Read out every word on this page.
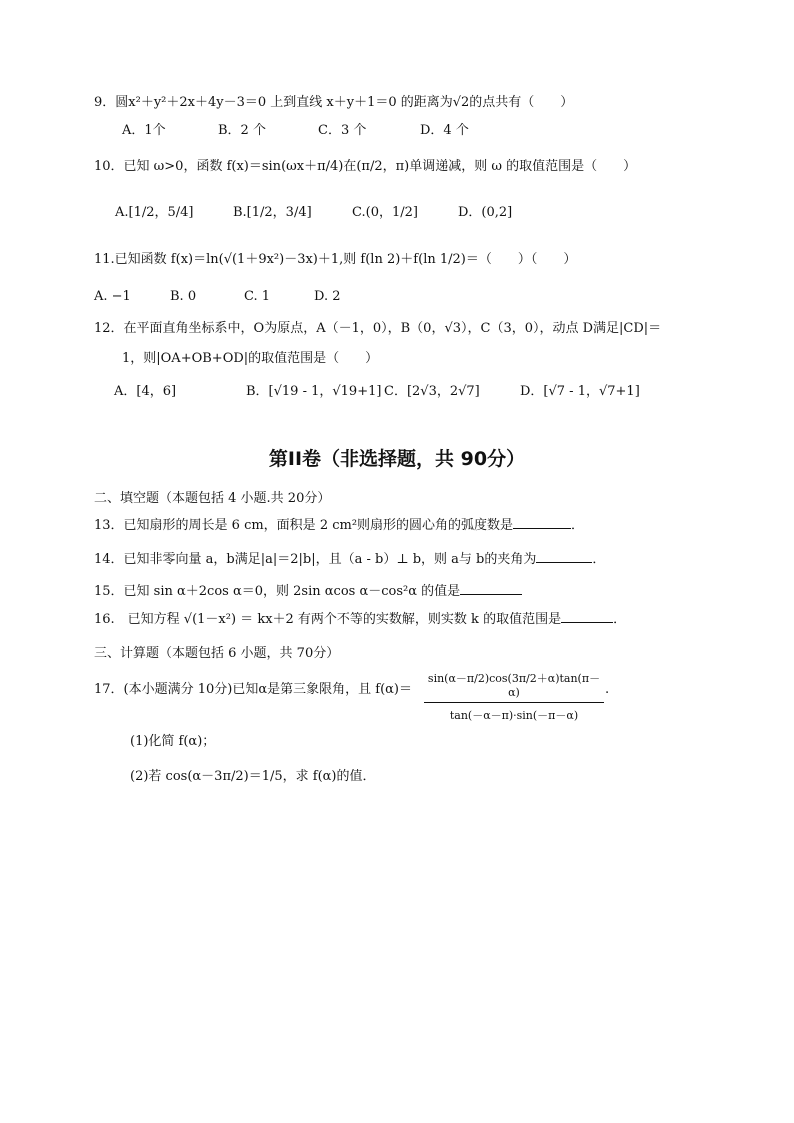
9．圆x²＋y²＋2x＋4y－3＝0 上到直线 x＋y＋1＝0 的距离为√2的点共有（　　）
A．1个	B．2 个	C．3 个	D．4 个
10．已知 ω>0，函数 f(x)＝sin(ωx＋π/4)在(π/2，π)单调递减，则 ω 的取值范围是（　　）
A.[1/2，5/4]	B.[1/2，3/4]	C.(0，1/2]	D．(0,2]
11.已知函数 f(x)＝ln(√(1＋9x²)－3x)＋1,则 f(ln 2)＋f(ln 1/2)＝（　　）（　　）
A. −1	B. 0	C. 1	D. 2
12．在平面直角坐标系中，O为原点，A（－1，0），B（0，√3），C（3，0），动点 D满足|CD|＝
1，则|OA+OB+OD|的取值范围是（　　）
A．[4，6]	B．[√19 - 1，√19+1] C．[2√3，2√7]	D．[√7 - 1，√7+1]
第II卷（非选择题，共 90分）
二、填空题（本题包括 4 小题.共 20分）
13．已知扇形的周长是 6 cm，面积是 2 cm²则扇形的圆心角的弧度数是	．
14．已知非零向量 a，b满足|a|＝2|b|，且（a - b）⊥ b，则 a与 b的夹角为	．
15．已知 sin α＋2cos α＝0，则 2sin αcos α－cos²α 的值是
16.　已知方程 √(1－x²) ＝ kx＋2 有两个不等的实数解，则实数 k 的取值范围是	．
三、计算题（本题包括 6 小题，共 70分）
17．(本小题满分 10分)已知α是第三象限角，且 $f(\alpha)= \frac{\sin(\alpha-\pi/2)\cos(3\pi/2+\alpha)\tan(\pi-\alpha)}{\tan(-\alpha-\pi)\cdot\sin(-\pi-\alpha)}$ .
(1)化简 f(α)；
(2)若 cos(α－3π/2)＝1/5，求 f(α)的值．
